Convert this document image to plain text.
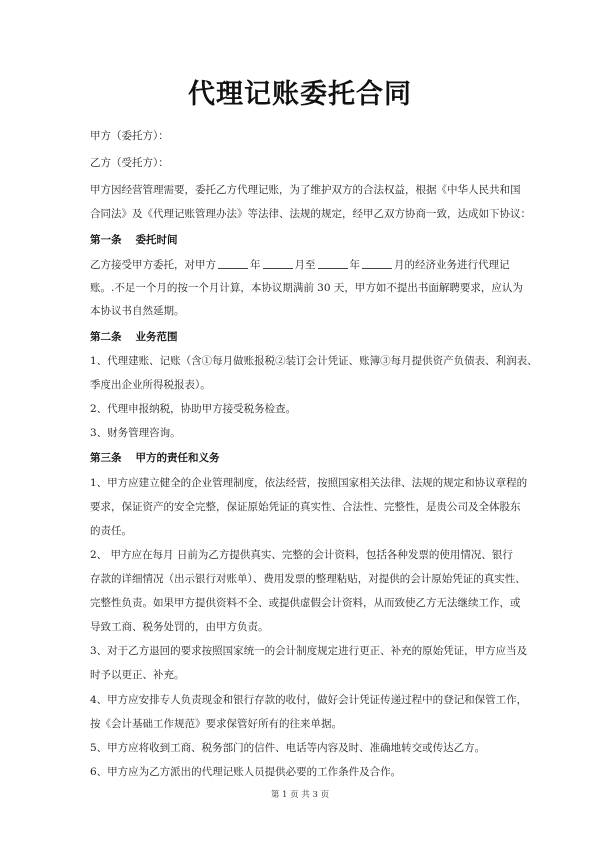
代理记账委托合同
甲方（委托方）：
乙方（受托方）：
甲方因经营管理需要，委托乙方代理记账，为了维护双方的合法权益，根据《中华人民共和国
合同法》及《代理记账管理办法》等法律、法规的规定，经甲乙双方协商一致，达成如下协议：
第一条 委托时间
乙方接受甲方委托，对甲方	年	月至	年	月的经济业务进行代理记
账。.不足一个月的按一个月计算，本协议期满前 30 天，甲方如不提出书面解聘要求，应认为
本协议书自然延期。
第二条 业务范围
1、代理建账、记账（含①每月做账报税②装订会计凭证、账簿③每月提供资产负债表、利润表、
季度出企业所得税报表）。
2、代理申报纳税，协助甲方接受税务检查。
3、财务管理咨询。
第三条 甲方的责任和义务
1、甲方应建立健全的企业管理制度，依法经营，按照国家相关法律、法规的规定和协议章程的
要求，保证资产的安全完整，保证原始凭证的真实性、合法性、完整性，是贵公司及全体股东
的责任。
2、 甲方应在每月 日前为乙方提供真实、完整的会计资料，包括各种发票的使用情况、银行
存款的详细情况（出示银行对账单）、费用发票的整理粘贴，对提供的会计原始凭证的真实性、
完整性负责。如果甲方提供资料不全、或提供虚假会计资料，从而致使乙方无法继续工作，或
导致工商、税务处罚的，由甲方负责。
3、对于乙方退回的要求按照国家统一的会计制度规定进行更正、补充的原始凭证，甲方应当及
时予以更正、补充。
4、甲方应安排专人负责现金和银行存款的收付，做好会计凭证传递过程中的登记和保管工作，
按《会计基础工作规范》要求保管好所有的往来单据。
5、甲方应将收到工商、税务部门的信件、电话等内容及时、准确地转交或传达乙方。
6、甲方应为乙方派出的代理记账人员提供必要的工作条件及合作。
第 1 页 共 3 页
